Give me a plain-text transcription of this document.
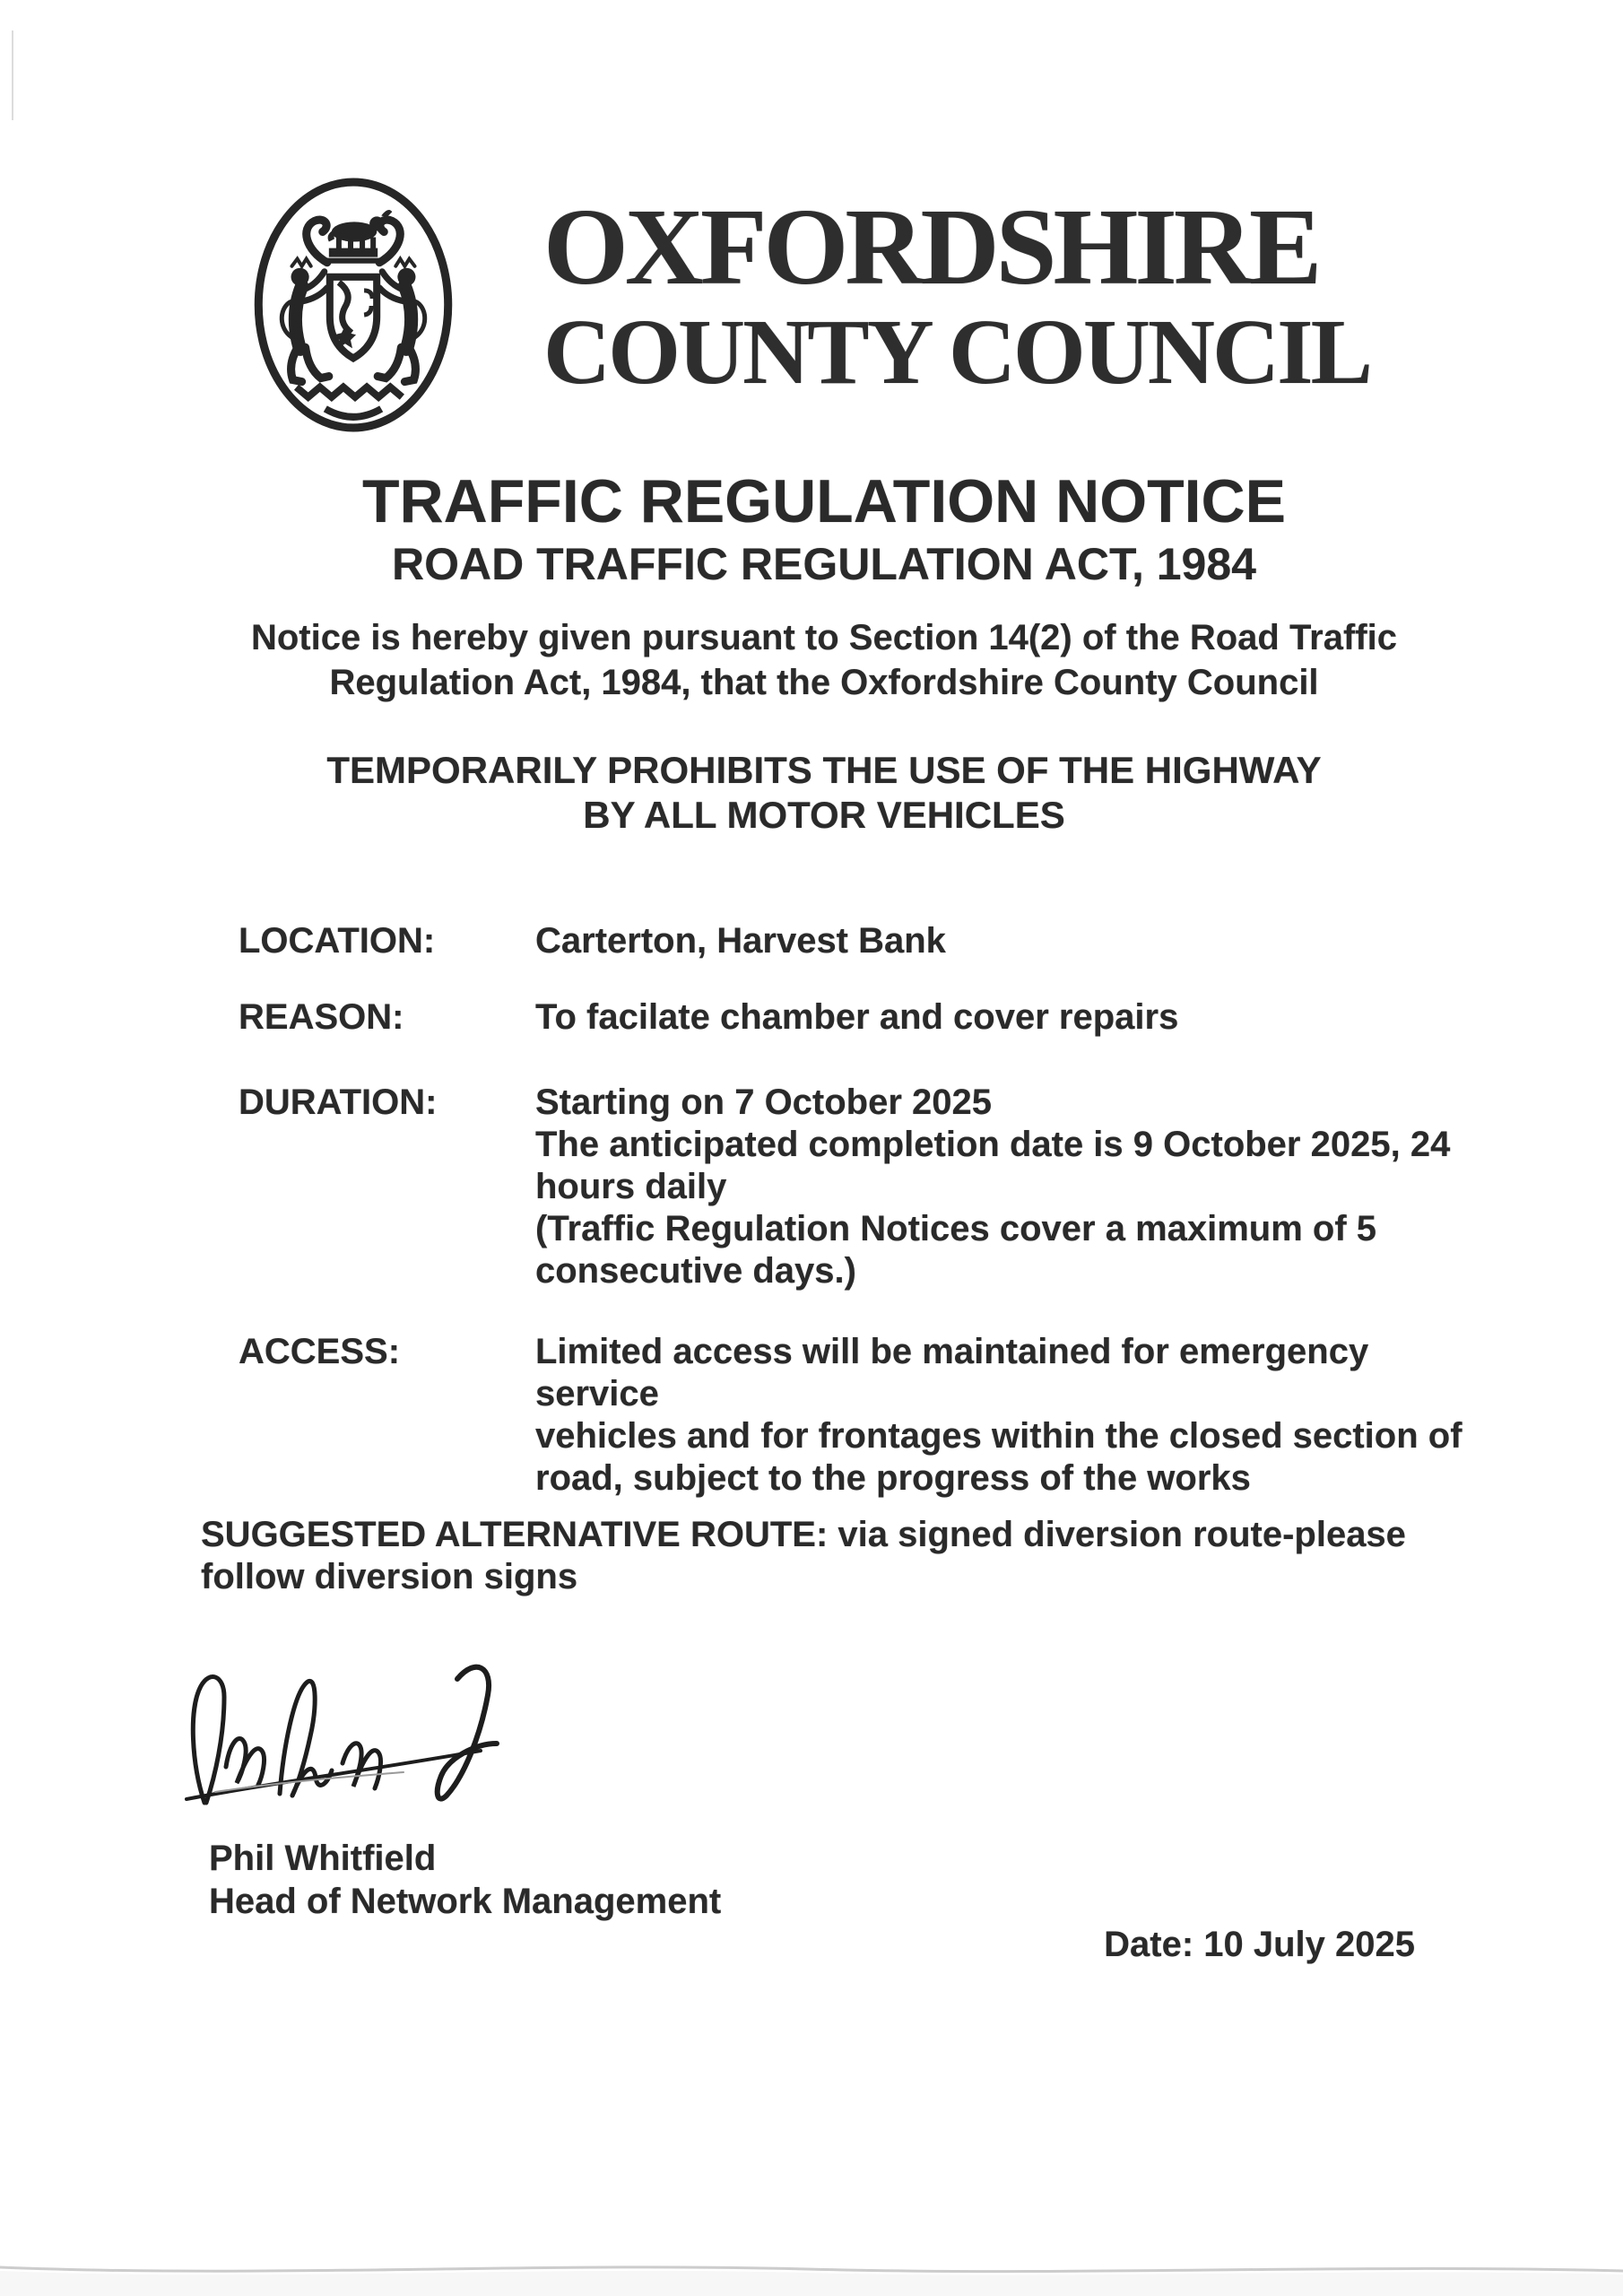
OXFORDSHIRE
COUNTY COUNCIL
TRAFFIC REGULATION NOTICE
ROAD TRAFFIC REGULATION ACT, 1984
Notice is hereby given pursuant to Section 14(2) of the Road Traffic
Regulation Act, 1984, that the Oxfordshire County Council
TEMPORARILY PROHIBITS THE USE OF THE HIGHWAY
BY ALL MOTOR VEHICLES
LOCATION:	Carterton, Harvest Bank
REASON:	To facilate chamber and cover repairs
DURATION:	Starting on 7 October 2025
The anticipated completion date is 9 October 2025, 24
hours daily
(Traffic Regulation Notices cover a maximum of 5
consecutive days.)
ACCESS:	Limited access will be maintained for emergency service
vehicles and for frontages within the closed section of
road, subject to the progress of the works
SUGGESTED ALTERNATIVE ROUTE: via signed diversion route-please
follow diversion signs
Phil Whitfield
Head of Network Management
Date: 10 July 2025
